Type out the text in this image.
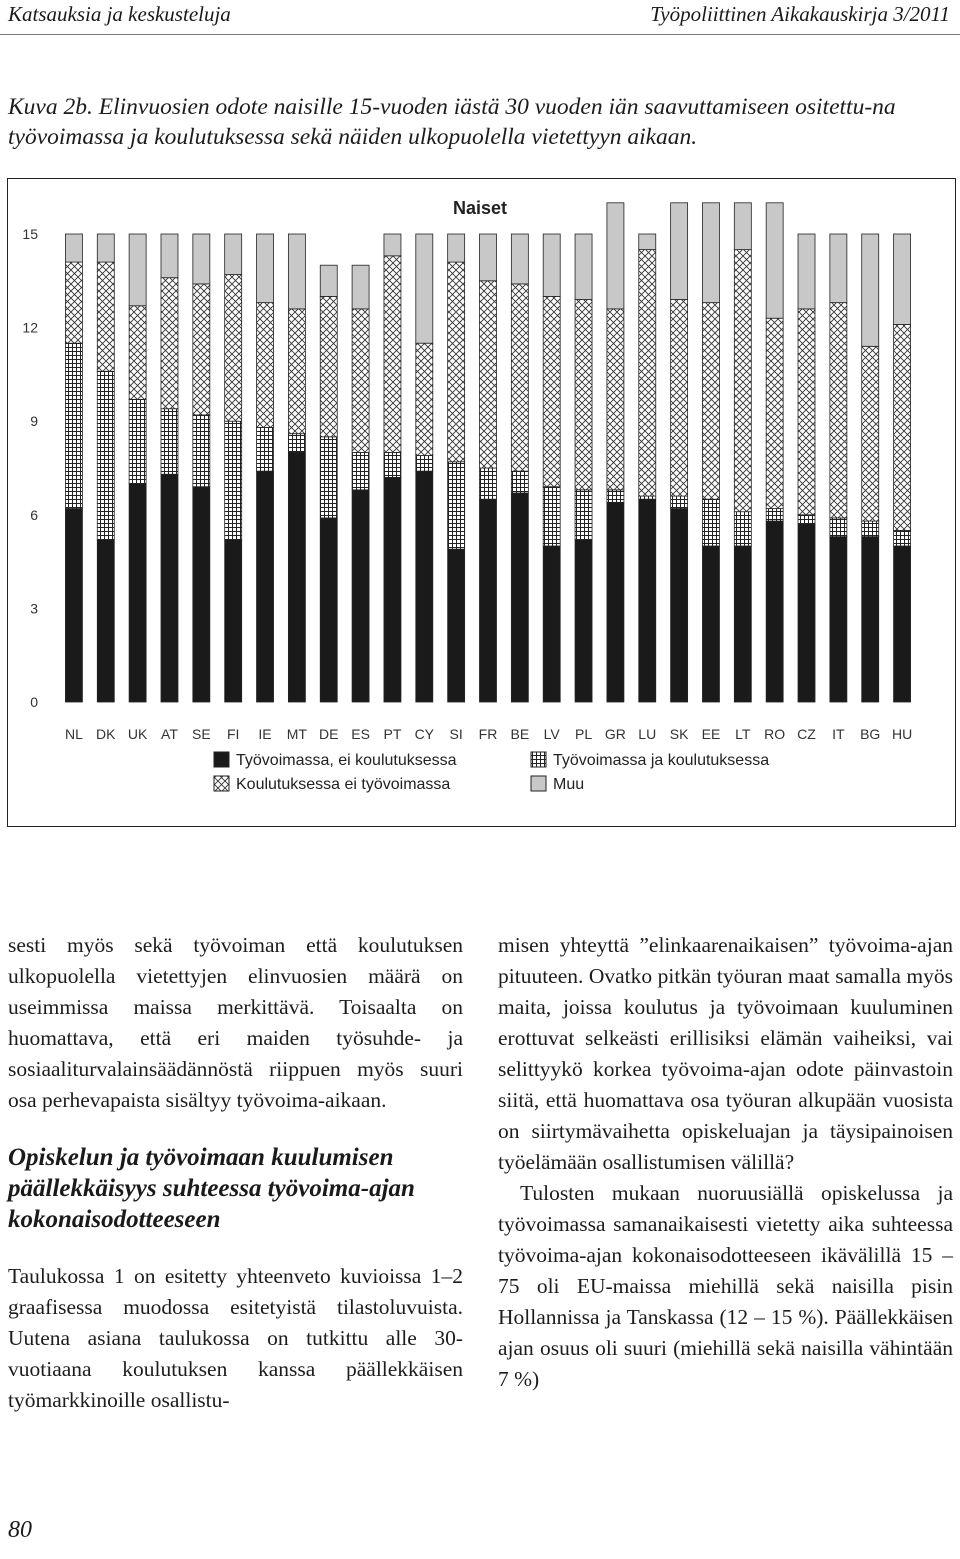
Katsauksia ja keskusteluja	Työpoliittinen Aikakauskirja 3/2011
Kuva 2b. Elinvuosien odote naisille 15-vuoden iästä 30 vuoden iän saavuttamiseen ositettu-na työvoimassa ja koulutuksessa sekä näiden ulkopuolella vietettyyn aikaan.
Naiset
0
3
6
9
12
15
NL DK UK AT SE FI IE MT DE ES PT CY SI FR BE LV PL GR LU SK EE LT RO CZ IT BG HU
Työvoimassa, ei koulutuksessa	Työvoimassa ja koulutuksessa
Koulutuksessa ei työvoimassa	Muu

sesti myös sekä työvoiman että koulutuksen ulkopuolella vietettyjen elinvuosien määrä on useimmissa maissa merkittävä. Toisaalta on huomattava, että eri maiden työsuhde- ja sosiaaliturvalainsäädännöstä riippuen myös suuri osa perhevapaista sisältyy työvoima-aikaan.

Opiskelun ja työvoimaan kuulumisen päällekkäisyys suhteessa työvoima-ajan kokonaisodotteeseen

Taulukossa 1 on esitetty yhteenveto kuvioissa 1–2 graafisessa muodossa esitetyistä tilastoluvuista. Uutena asiana taulukossa on tutkittu alle 30-vuotiaana koulutuksen kanssa päällekkäisen työmarkkinoille osallistu-

misen yhteyttä ”elinkaarenaikaisen” työvoima-ajan pituuteen. Ovatko pitkän työuran maat samalla myös maita, joissa koulutus ja työvoimaan kuuluminen erottuvat selkeästi erillisiksi elämän vaiheiksi, vai selittyykö korkea työvoima-ajan odote päinvastoin siitä, että huomattava osa työuran alkupään vuosista on siirtymävaihetta opiskeluajan ja täysipainoisen työelämään osallistumisen välillä?

Tulosten mukaan nuoruusiällä opiskelussa ja työvoimassa samanaikaisesti vietetty aika suhteessa työvoima-ajan kokonaisodotteeseen ikävälillä 15 – 75 oli EU-maissa miehillä sekä naisilla pisin Hollannissa ja Tanskassa (12 – 15 %). Päällekkäisen ajan osuus oli suuri (miehillä sekä naisilla vähintään 7 %)

80
